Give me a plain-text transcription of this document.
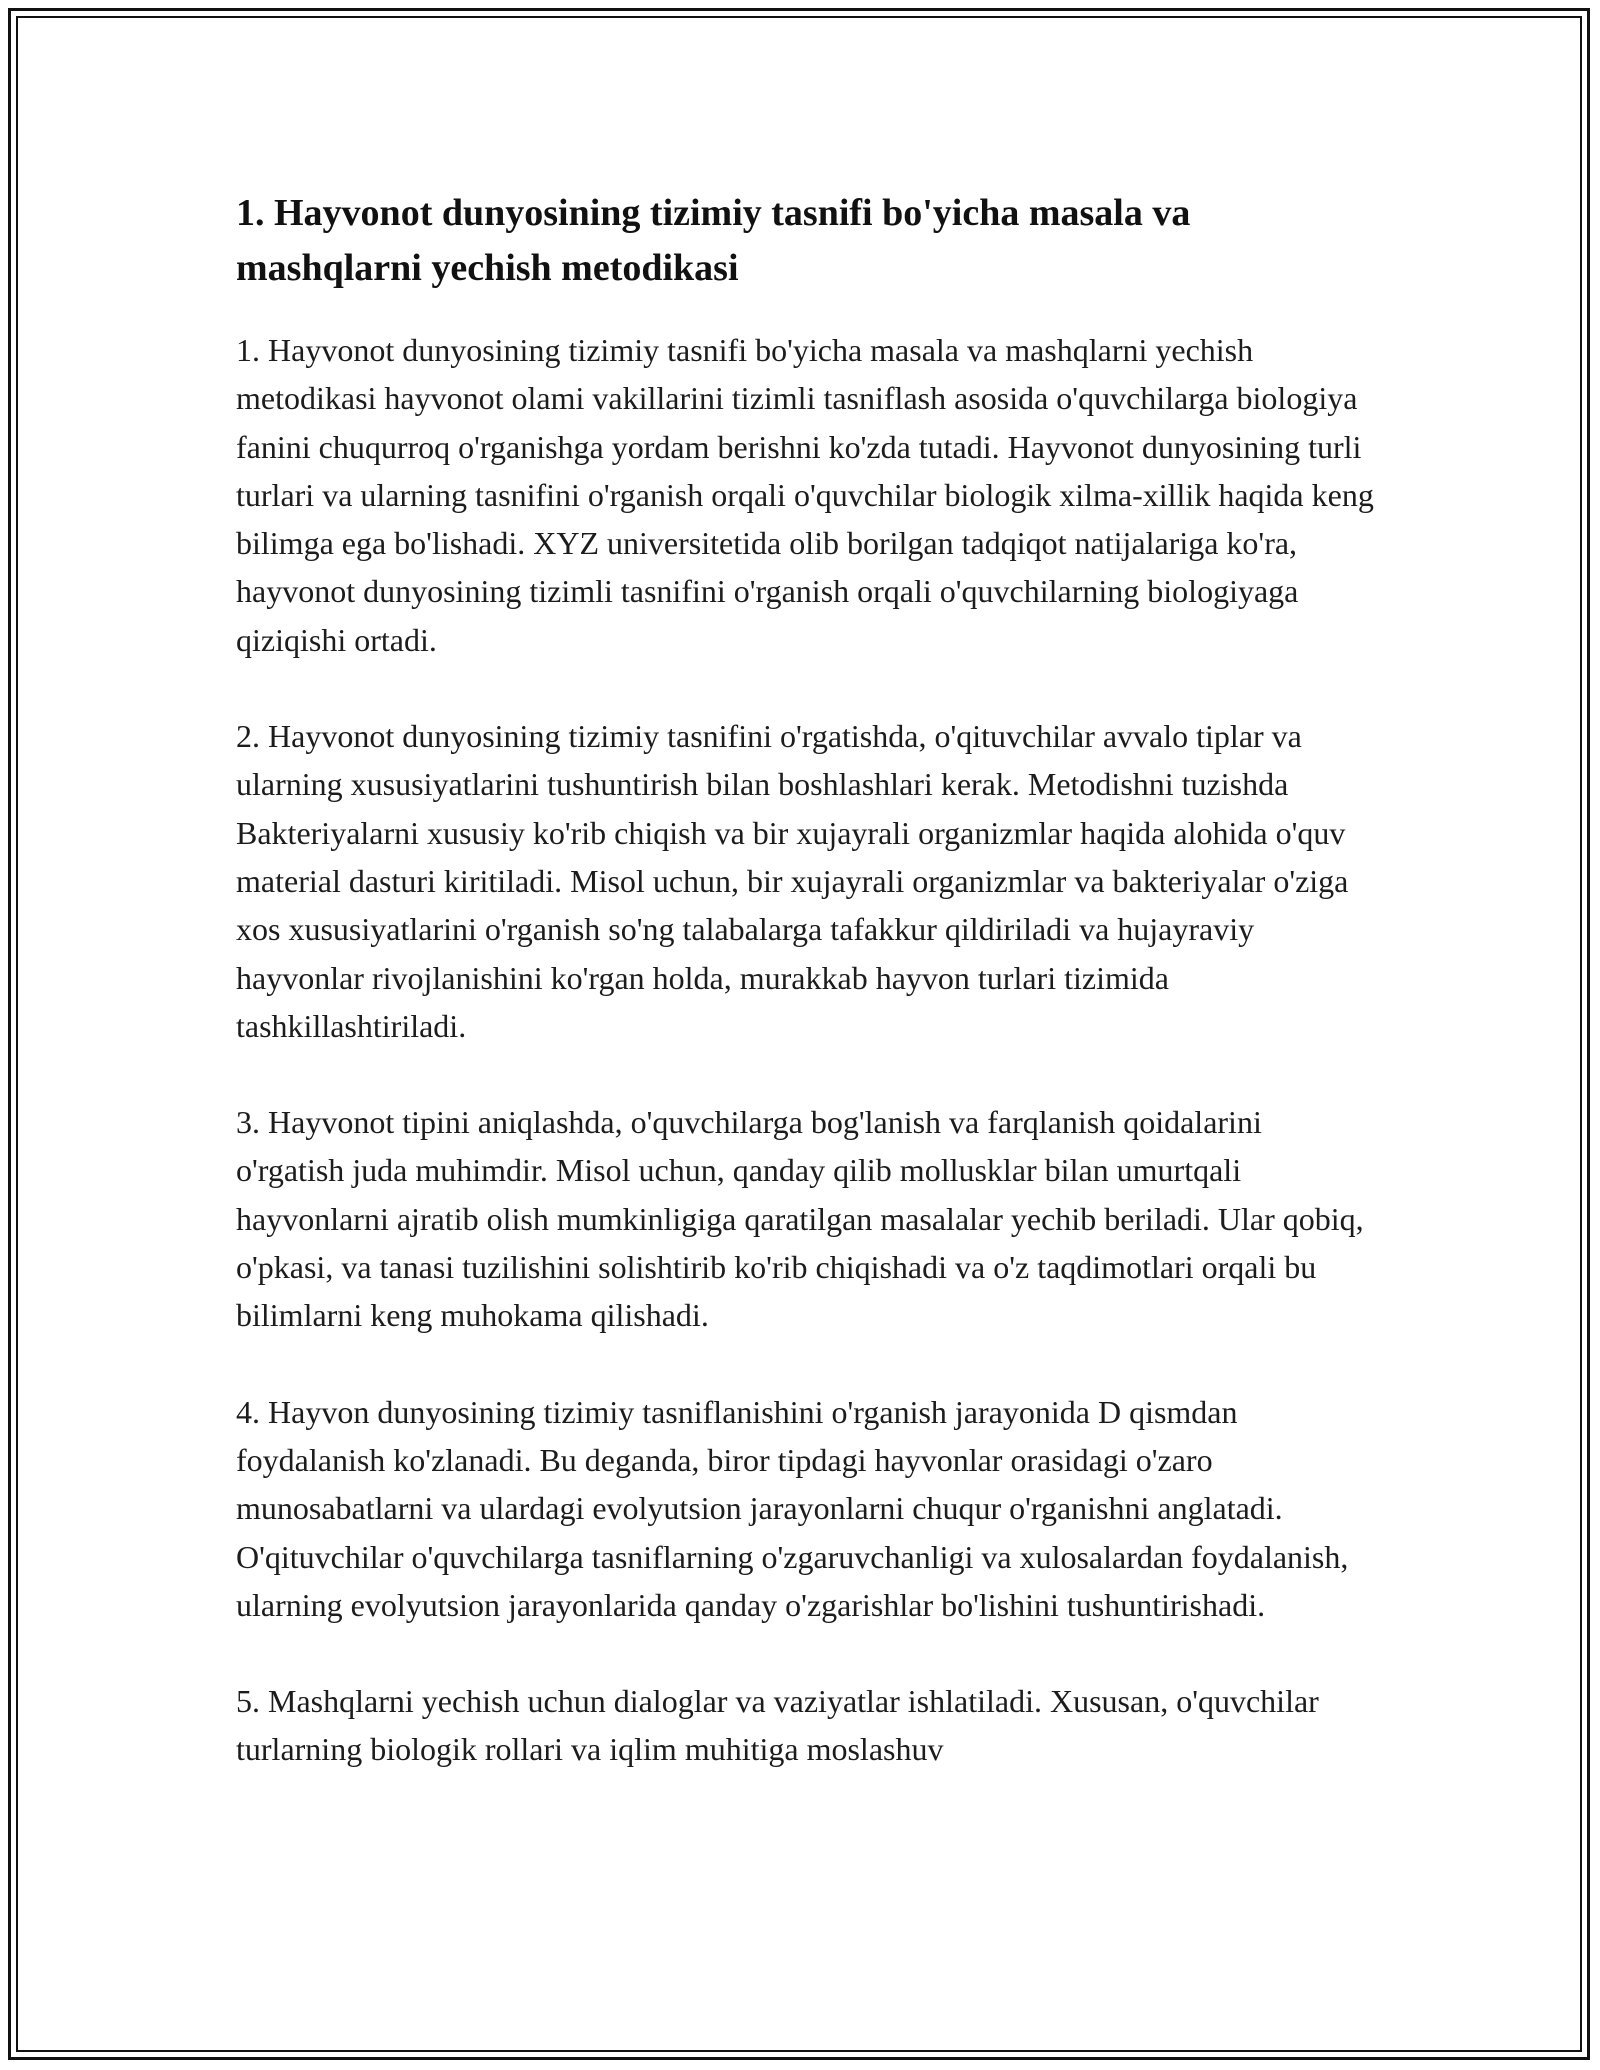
1. Hayvonot dunyosining tizimiy tasnifi bo'yicha masala va mashqlarni yechish metodikasi

1. Hayvonot dunyosining tizimiy tasnifi bo'yicha masala va mashqlarni yechish metodikasi hayvonot olami vakillarini tizimli tasniflash asosida o'quvchilarga biologiya fanini chuqurroq o'rganishga yordam berishni ko'zda tutadi. Hayvonot dunyosining turli turlari va ularning tasnifini o'rganish orqali o'quvchilar biologik xilma-xillik haqida keng bilimga ega bo'lishadi. XYZ universitetida olib borilgan tadqiqot natijalariga ko'ra, hayvonot dunyosining tizimli tasnifini o'rganish orqali o'quvchilarning biologiyaga qiziqishi ortadi.

2. Hayvonot dunyosining tizimiy tasnifini o'rgatishda, o'qituvchilar avvalo tiplar va ularning xususiyatlarini tushuntirish bilan boshlashlari kerak. Metodishni tuzishda Bakteriyalarni xususiy ko'rib chiqish va bir xujayrali organizmlar haqida alohida o'quv material dasturi kiritiladi. Misol uchun, bir xujayrali organizmlar va bakteriyalar o'ziga xos xususiyatlarini o'rganish so'ng talabalarga tafakkur qildiriladi va hujayraviy hayvonlar rivojlanishini ko'rgan holda, murakkab hayvon turlari tizimida tashkillashtiriladi.

3. Hayvonot tipini aniqlashda, o'quvchilarga bog'lanish va farqlanish qoidalarini o'rgatish juda muhimdir. Misol uchun, qanday qilib mollusklar bilan umurtqali hayvonlarni ajratib olish mumkinligiga qaratilgan masalalar yechib beriladi. Ular qobiq, o'pkasi, va tanasi tuzilishini solishtirib ko'rib chiqishadi va o'z taqdimotlari orqali bu bilimlarni keng muhokama qilishadi.

4. Hayvon dunyosining tizimiy tasniflanishini o'rganish jarayonida D qismdan foydalanish ko'zlanadi. Bu deganda, biror tipdagi hayvonlar orasidagi o'zaro munosabatlarni va ulardagi evolyutsion jarayonlarni chuqur o'rganishni anglatadi. O'qituvchilar o'quvchilarga tasniflarning o'zgaruvchanligi va xulosalardan foydalanish, ularning evolyutsion jarayonlarida qanday o'zgarishlar bo'lishini tushuntirishadi.

5. Mashqlarni yechish uchun dialoglar va vaziyatlar ishlatiladi. Xususan, o'quvchilar turlarning biologik rollari va iqlim muhitiga moslashuv
